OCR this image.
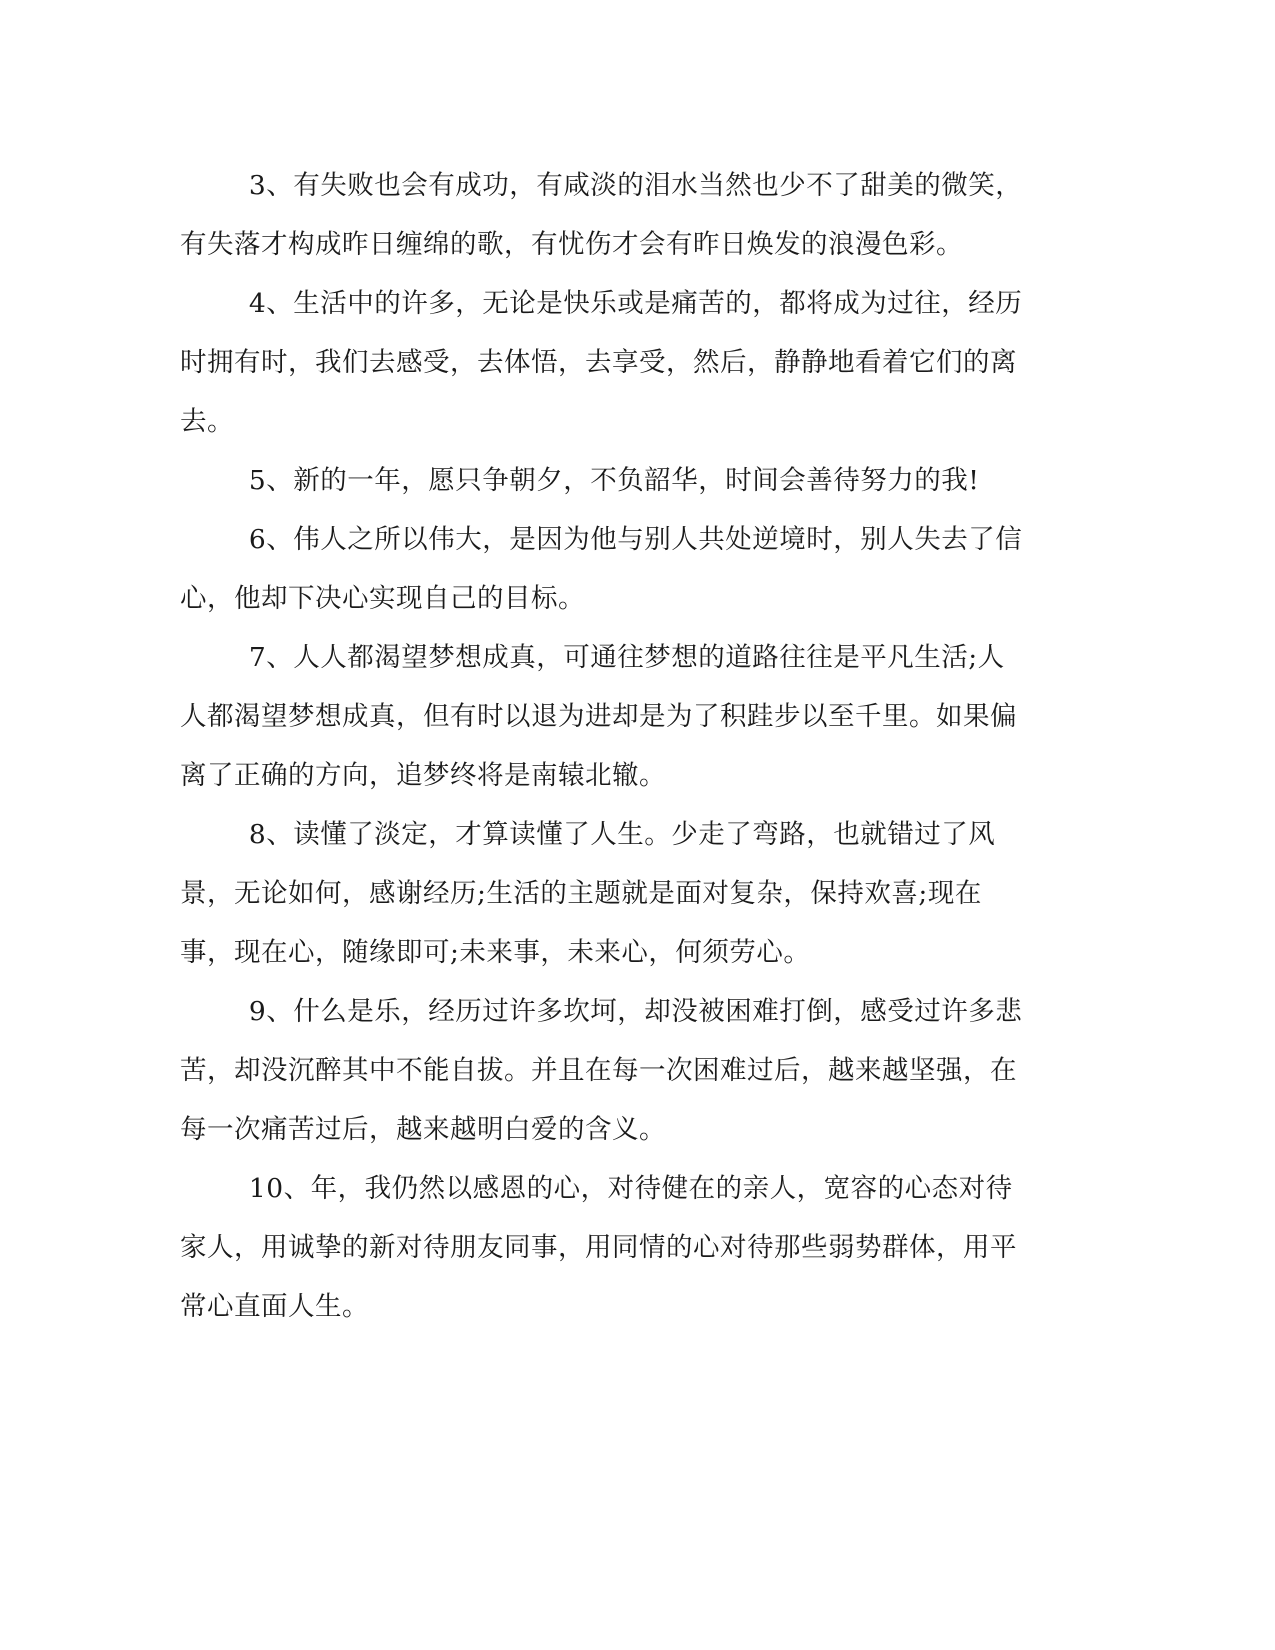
3、有失败也会有成功，有咸淡的泪水当然也少不了甜美的微笑，有失落才构成昨日缠绵的歌，有忧伤才会有昨日焕发的浪漫色彩。

4、生活中的许多，无论是快乐或是痛苦的，都将成为过往，经历时拥有时，我们去感受，去体悟，去享受，然后，静静地看着它们的离去。

5、新的一年，愿只争朝夕，不负韶华，时间会善待努力的我!

6、伟人之所以伟大，是因为他与别人共处逆境时，别人失去了信心，他却下决心实现自己的目标。

7、人人都渴望梦想成真，可通往梦想的道路往往是平凡生活;人人都渴望梦想成真，但有时以退为进却是为了积跬步以至千里。如果偏离了正确的方向，追梦终将是南辕北辙。

8、读懂了淡定，才算读懂了人生。少走了弯路，也就错过了风景，无论如何，感谢经历;生活的主题就是面对复杂，保持欢喜;现在事，现在心，随缘即可;未来事，未来心，何须劳心。

9、什么是乐，经历过许多坎坷，却没被困难打倒，感受过许多悲苦，却没沉醉其中不能自拔。并且在每一次困难过后，越来越坚强，在每一次痛苦过后，越来越明白爱的含义。

10、年，我仍然以感恩的心，对待健在的亲人，宽容的心态对待家人，用诚挚的新对待朋友同事，用同情的心对待那些弱势群体，用平常心直面人生。
